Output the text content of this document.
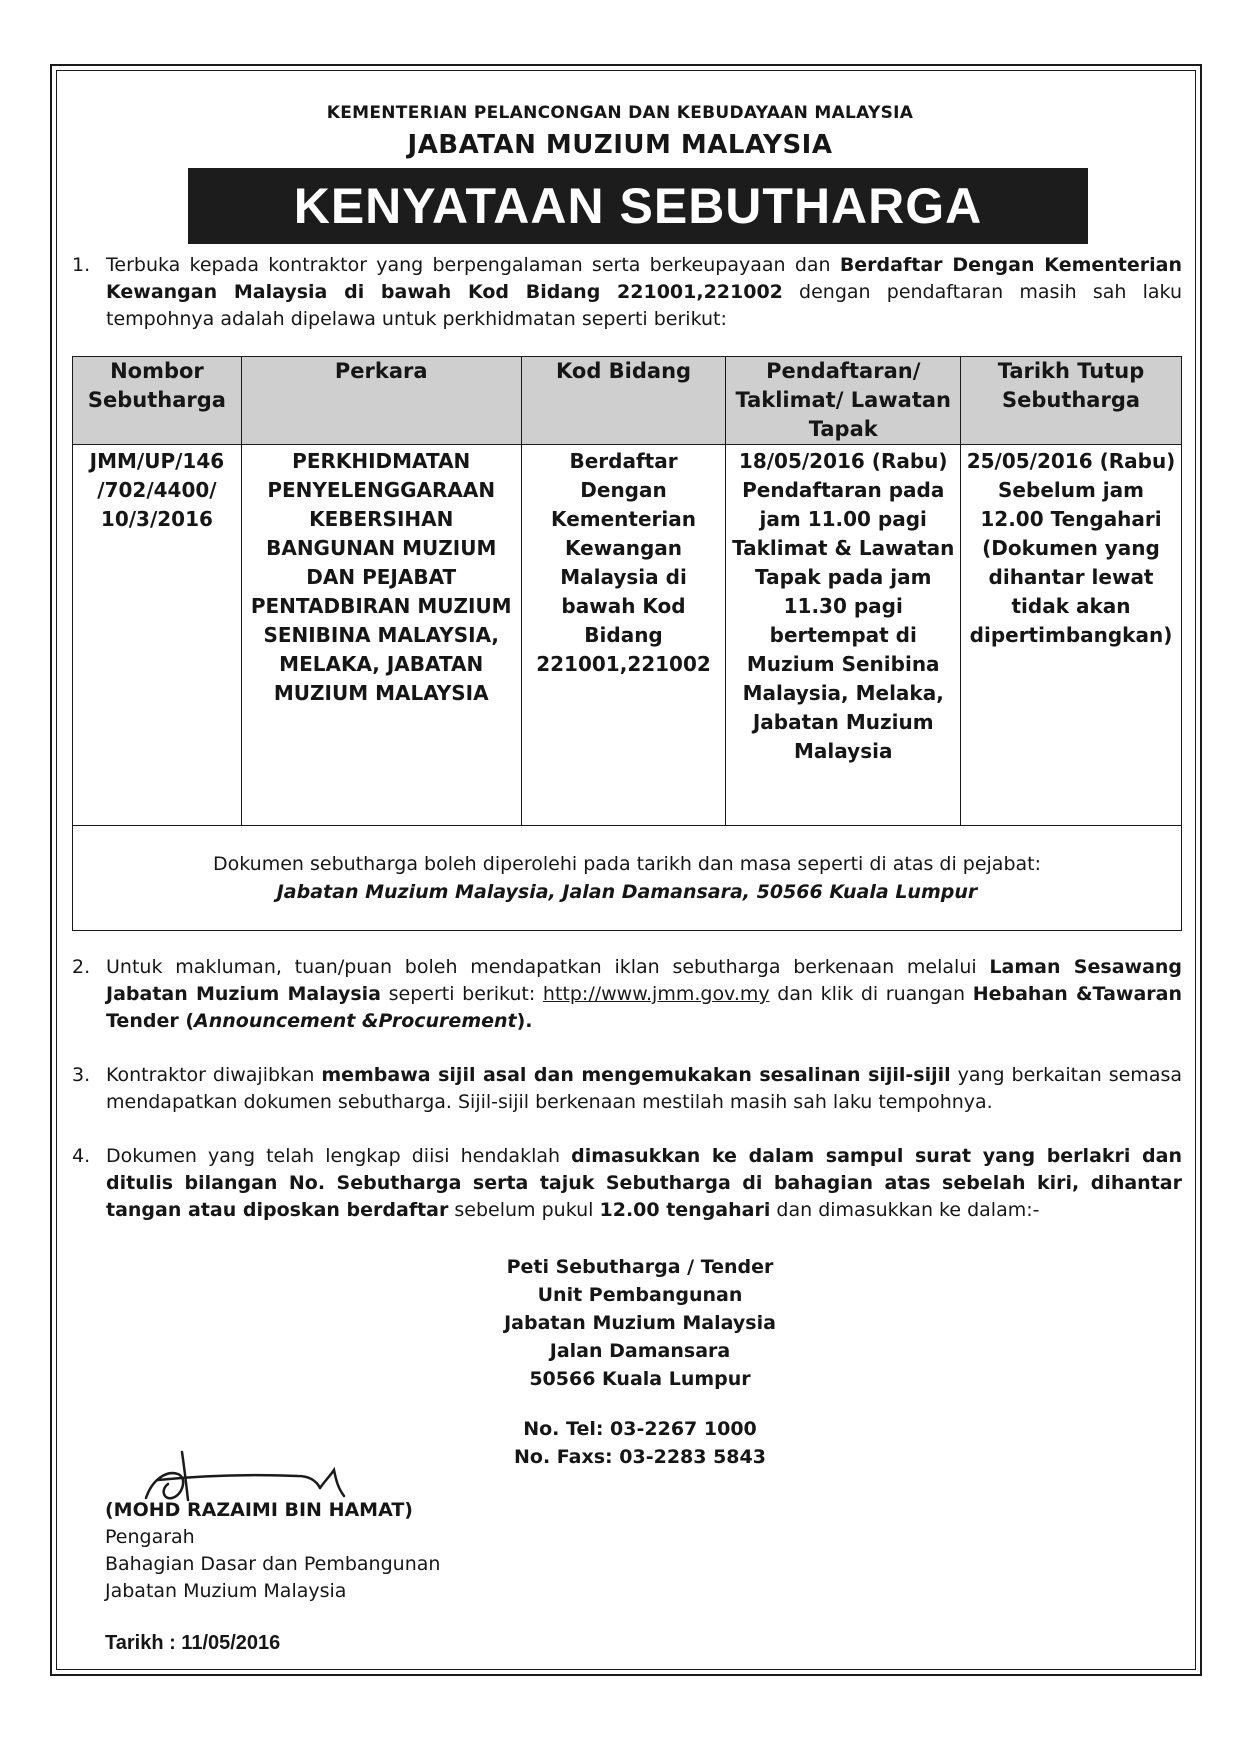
KEMENTERIAN PELANCONGAN DAN KEBUDAYAAN MALAYSIA
JABATAN MUZIUM MALAYSIA
KENYATAAN SEBUTHARGA
1. Terbuka kepada kontraktor yang berpengalaman serta berkeupayaan dan Berdaftar Dengan Kementerian Kewangan Malaysia di bawah Kod Bidang 221001,221002 dengan pendaftaran masih sah laku tempohnya adalah dipelawa untuk perkhidmatan seperti berikut:
Nombor Sebutharga	Perkara	Kod Bidang	Pendaftaran/ Taklimat/ Lawatan Tapak	Tarikh Tutup Sebutharga
JMM/UP/146 /702/4400/ 10/3/2016	PERKHIDMATAN PENYELENGGARAAN KEBERSIHAN BANGUNAN MUZIUM DAN PEJABAT PENTADBIRAN MUZIUM SENIBINA MALAYSIA, MELAKA, JABATAN MUZIUM MALAYSIA	Berdaftar Dengan Kementerian Kewangan Malaysia di bawah Kod Bidang 221001,221002	18/05/2016 (Rabu) Pendaftaran pada jam 11.00 pagi Taklimat & Lawatan Tapak pada jam 11.30 pagi bertempat di Muzium Senibina Malaysia, Melaka, Jabatan Muzium Malaysia	25/05/2016 (Rabu) Sebelum jam 12.00 Tengahari (Dokumen yang dihantar lewat tidak akan dipertimbangkan)

Dokumen sebutharga boleh diperolehi pada tarikh dan masa seperti di atas di pejabat:
Jabatan Muzium Malaysia, Jalan Damansara, 50566 Kuala Lumpur				
2. Untuk makluman, tuan/puan boleh mendapatkan iklan sebutharga berkenaan melalui Laman Sesawang Jabatan Muzium Malaysia seperti berikut: http://www.jmm.gov.my dan klik di ruangan Hebahan &Tawaran Tender (Announcement &Procurement).
3. Kontraktor diwajibkan membawa sijil asal dan mengemukakan sesalinan sijil-sijil yang berkaitan semasa mendapatkan dokumen sebutharga. Sijil-sijil berkenaan mestilah masih sah laku tempohnya.
4. Dokumen yang telah lengkap diisi hendaklah dimasukkan ke dalam sampul surat yang berlakri dan ditulis bilangan No. Sebutharga serta tajuk Sebutharga di bahagian atas sebelah kiri, dihantar tangan atau diposkan berdaftar sebelum pukul 12.00 tengahari dan dimasukkan ke dalam:-
Peti Sebutharga / Tender
Unit Pembangunan
Jabatan Muzium Malaysia
Jalan Damansara
50566 Kuala Lumpur
No. Tel: 03-2267 1000
No. Faxs: 03-2283 5843
(MOHD RAZAIMI BIN HAMAT)
Pengarah
Bahagian Dasar dan Pembangunan
Jabatan Muzium Malaysia
Tarikh : 11/05/2016
